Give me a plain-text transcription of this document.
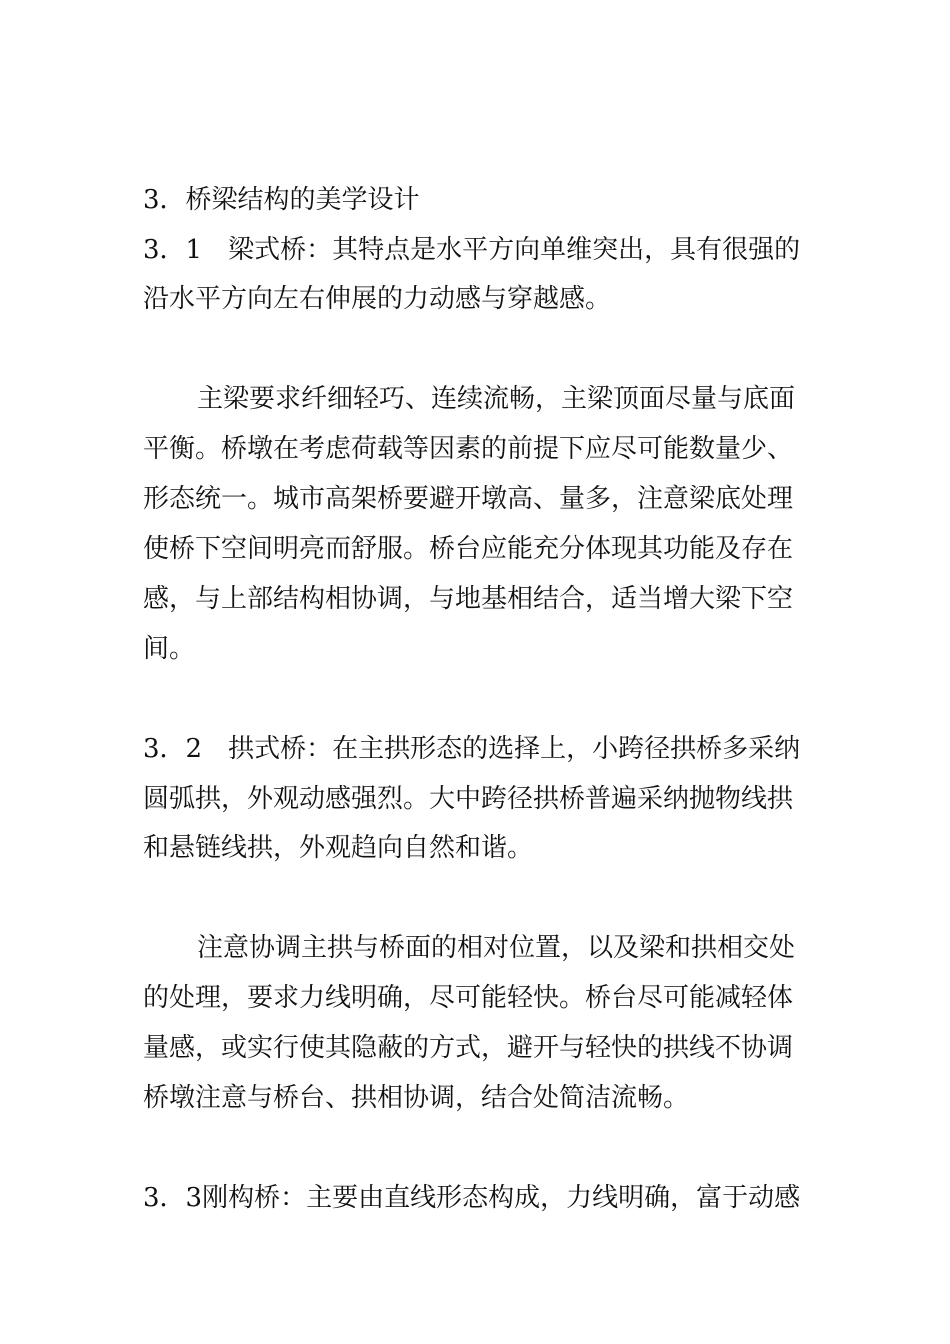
3．桥梁结构的美学设计
3．1　梁式桥：其特点是水平方向单维突出，具有很强的
沿水平方向左右伸展的力动感与穿越感。
主梁要求纤细轻巧、连续流畅，主梁顶面尽量与底面
平衡。桥墩在考虑荷载等因素的前提下应尽可能数量少、
形态统一。城市高架桥要避开墩高、量多，注意梁底处理
使桥下空间明亮而舒服。桥台应能充分体现其功能及存在
感，与上部结构相协调，与地基相结合，适当增大梁下空
间。
3．2　拱式桥：在主拱形态的选择上，小跨径拱桥多采纳
圆弧拱，外观动感强烈。大中跨径拱桥普遍采纳抛物线拱
和悬链线拱，外观趋向自然和谐。
注意协调主拱与桥面的相对位置，以及梁和拱相交处
的处理，要求力线明确，尽可能轻快。桥台尽可能减轻体
量感，或实行使其隐蔽的方式，避开与轻快的拱线不协调
桥墩注意与桥台、拱相协调，结合处简洁流畅。
3．3刚构桥：主要由直线形态构成，力线明确，富于动感
